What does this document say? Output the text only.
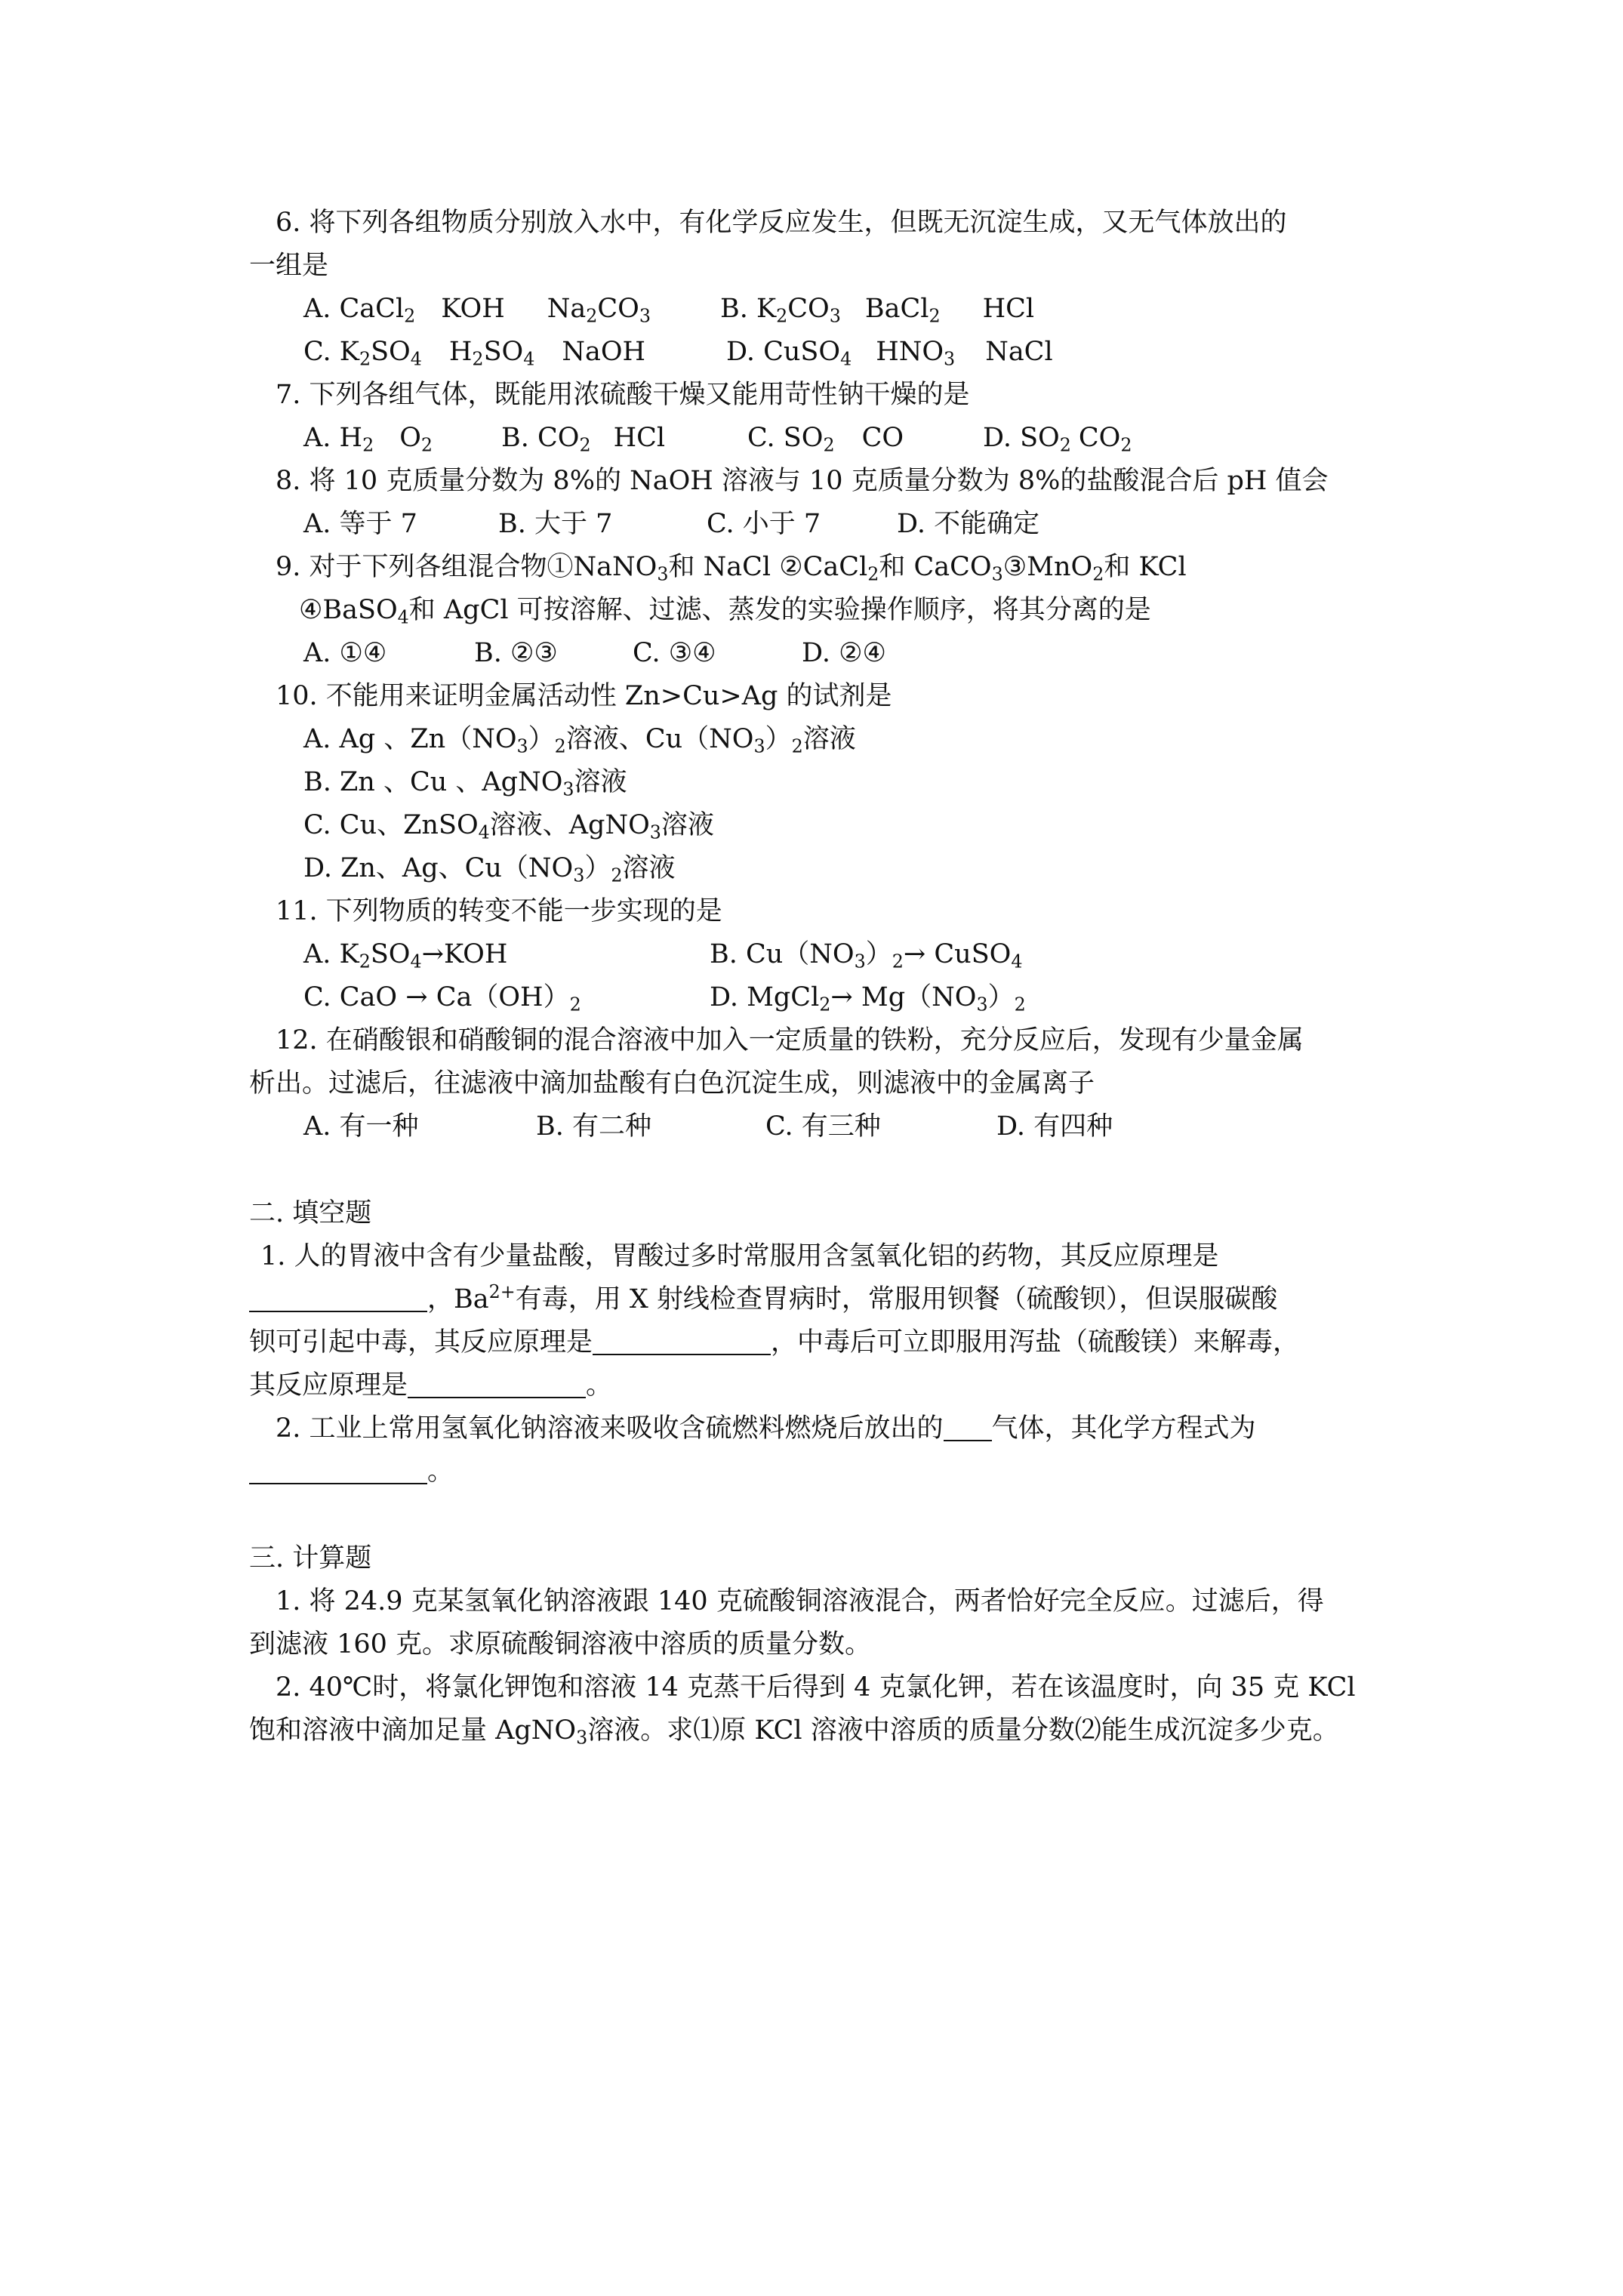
6. 将下列各组物质分别放入水中，有化学反应发生，但既无沉淀生成，又无气体放出的
一组是
A. CaCl$_2$ KOH $Na_2CO_3$	B. $K_2CO_3$ BaCl$_2$ HCl
C. $K_2SO_4$ $H_2SO_4$ NaOH	D. CuSO$_4$ $HNO_3$ NaCl
7. 下列各组气体，既能用浓硫酸干燥又能用苛性钠干燥的是
A. $H_2$ $O_2$	B. $CO_2$ HCl	C. $SO_2$ CO	D. $SO_2$ $CO_2$
8. 将 10 克质量分数为 8%的 NaOH 溶液与 10 克质量分数为 8%的盐酸混合后 pH 值会
A. 等于 7	B. 大于 7	C. 小于 7	D. 不能确定
9. 对于下列各组混合物①NaNO$_3$和 NaCl ②CaCl$_2$和 CaCO$_3$③MnO$_2$和 KCl
④BaSO$_4$和 AgCl 可按溶解、过滤、蒸发的实验操作顺序，将其分离的是
A. ①④	B. ②③	C. ③④	D. ②④
10. 不能用来证明金属活动性 Zn>Cu>Ag 的试剂是
A. Ag 、$Zn(NO_3)_2$溶液、$Cu(NO_3)_2$溶液
B. Zn 、Cu 、AgNO$_3$溶液
C. Cu、ZnSO$_4$溶液、AgNO$_3$溶液
D. Zn、Ag、$Cu(NO_3)_2$溶液
11. 下列物质的转变不能一步实现的是
A. $K_2SO_4\to KOH$	B. $Cu(NO_3)_2\to$ CuSO$_4$
C. CaO → $Ca(OH)_2$	D. MgCl$_2$→ $Mg(NO_3)_2$
12. 在硝酸银和硝酸铜的混合溶液中加入一定质量的铁粉，充分反应后，发现有少量金属
析出。过滤后，往滤液中滴加盐酸有白色沉淀生成，则滤液中的金属离子
A. 有一种	B. 有二种	C. 有三种	D. 有四种
二. 填空题
1. 人的胃液中含有少量盐酸，胃酸过多时常服用含氢氧化铝的药物，其反应原理是
，$Ba^{2+}$有毒，用 X 射线检查胃病时，常服用钡餐（硫酸钡），但误服碳酸
钡可引起中毒，其反应原理是	，中毒后可立即服用泻盐（硫酸镁）来解毒，
其反应原理是	。
2. 工业上常用氢氧化钠溶液来吸收含硫燃料燃烧后放出的 气体，其化学方程式为
。
三. 计算题
1. 将 24.9 克某氢氧化钠溶液跟 140 克硫酸铜溶液混合，两者恰好完全反应。过滤后，得
到滤液 160 克。求原硫酸铜溶液中溶质的质量分数。
2. 40℃时，将氯化钾饱和溶液 14 克蒸干后得到 4 克氯化钾，若在该温度时，向 35 克 KCl
饱和溶液中滴加足量 AgNO$_3$溶液。求⑴原 KCl 溶液中溶质的质量分数⑵能生成沉淀多少克。
